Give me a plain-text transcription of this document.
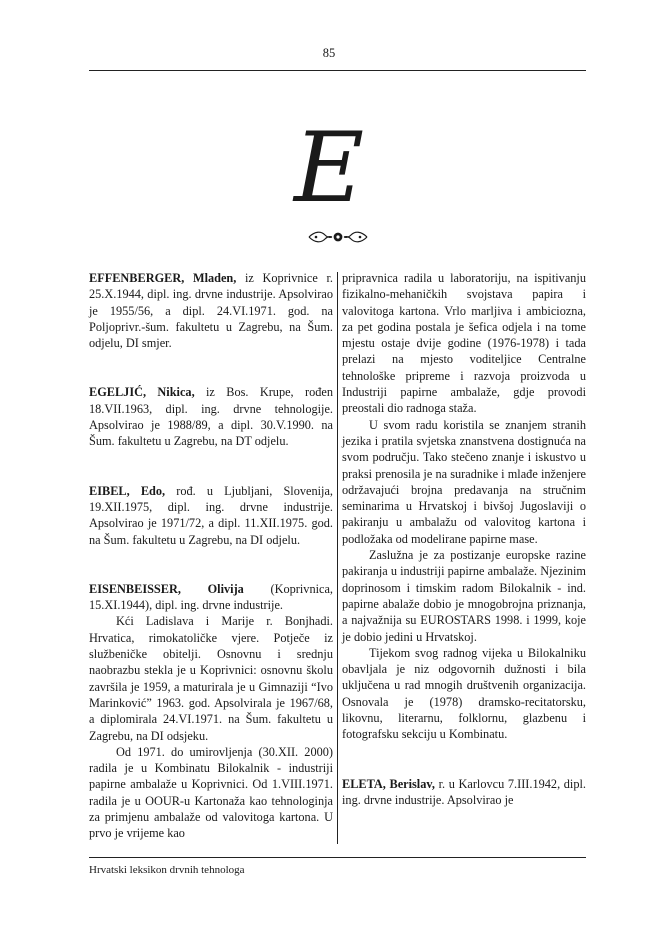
85
E

EFFENBERGER, Mladen, iz Koprivnice r. 25.X.1944, dipl. ing. drvne industrije. Apsolvirao je 1955/56, a dipl. 24.VI.1971. god. na Poljoprivr.-šum. fakultetu u Zagrebu, na Šum. odjelu, DI smjer.

EGELJIĆ, Nikica, iz Bos. Krupe, rođen 18.VII.1963, dipl. ing. drvne tehnologije. Apsolvirao je 1988/89, a dipl. 30.V.1990. na Šum. fakultetu u Zagrebu, na DT odjelu.

EIBEL, Edo, rođ. u Ljubljani, Slovenija, 19.XII.1975, dipl. ing. drvne industrije. Apsolvirao je 1971/72, a dipl. 11.XII.1975. god. na Šum. fakultetu u Zagrebu, na DI odjelu.

EISENBEISSER, Olivija (Koprivnica, 15.XI.1944), dipl. ing. drvne industrije.

Kći Ladislava i Marije r. Bonjhadi. Hrvatica, rimokatoličke vjere. Potječe iz službeničke obitelji. Osnovnu i srednju naobrazbu stekla je u Koprivnici: osnovnu školu završila je 1959, a maturirala je u Gimnaziji “Ivo Marinković” 1963. god. Apsolvirala je 1967/68, a diplomirala 24.VI.1971. na Šum. fakultetu u Zagrebu, na DI odsjeku.

Od 1971. do umirovljenja (30.XII. 2000) radila je u Kombinatu Bilokalnik - industriji papirne ambalaže u Koprivnici. Od 1.VIII.1971. radila je u OOUR-u Kartonaža kao tehnologinja za primjenu ambalaže od valovitoga kartona. U prvo je vrijeme kao

pripravnica radila u laboratoriju, na ispitivanju fizikalno-mehaničkih svojstava papira i valovitoga kartona. Vrlo marljiva i ambiciozna, za pet godina postala je šefica odjela i na tome mjestu ostaje dvije godine (1976-1978) i tada prelazi na mjesto voditeljice Centralne tehnološke pripreme i razvoja proizvoda u Industriji papirne ambalaže, gdje provodi preostali dio radnoga staža.

U svom radu koristila se znanjem stranih jezika i pratila svjetska znanstvena dostignuća na svom području. Tako stečeno znanje i iskustvo u praksi prenosila je na suradnike i mlađe inženjere održavajući brojna predavanja na stručnim seminarima u Hrvatskoj i bivšoj Jugoslaviji o pakiranju u ambalažu od valovitog kartona i podložaka od modelirane papirne mase.

Zaslužna je za postizanje europske razine pakiranja u industriji papirne ambalaže. Njezinim doprinosom i timskim radom Bilokalnik - ind. papirne abalaže dobio je mnogobrojna priznanja, a najvažnija su EUROSTARS 1998. i 1999, koje je dobio jedini u Hrvatskoj.

Tijekom svog radnog vijeka u Bilokalniku obavljala je niz odgovornih dužnosti i bila uključena u rad mnogih društvenih organizacija. Osnovala je (1978) dramsko-recitatorsku, likovnu, literarnu, folklornu, glazbenu i fotografsku sekciju u Kombinatu.

ELETA, Berislav, r. u Karlovcu 7.III.1942, dipl. ing. drvne industrije. Apsolvirao je

Hrvatski leksikon drvnih tehnologa
